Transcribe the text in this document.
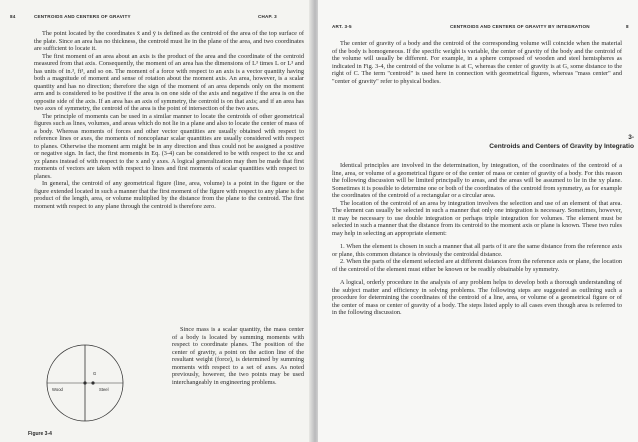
84	CENTROIDS AND CENTERS OF GRAVITY	CHAP. 3

The point located by the coordinates x̄ and ȳ is defined as the centroid of the area of the top surface of the plate. Since an area has no thickness, the centroid must lie in the plane of the area, and two coordinates are sufficient to locate it.

The first moment of an area about an axis is the product of the area and the coordinate of the centroid measured from that axis. Consequently, the moment of an area has the dimensions of L³ times L or L³ and has units of in.³, ft³, and so on. The moment of a force with respect to an axis is a vector quantity having both a magnitude of moment and sense of rotation about the moment axis. An area, however, is a scalar quantity and has no direction; therefore the sign of the moment of an area depends only on the moment arm and is considered to be positive if the area is on one side of the axis and negative if the area is on the opposite side of the axis. If an area has an axis of symmetry, the centroid is on that axis; and if an area has two axes of symmetry, the centroid of the area is the point of intersection of the two axes.

The principle of moments can be used in a similar manner to locate the centroids of other geometrical figures such as lines, volumes, and areas which do not lie in a plane and also to locate the center of mass of a body. Whereas moments of forces and other vector quantities are usually obtained with respect to reference lines or axes, the moments of noncoplanar scalar quantities are usually considered with respect to planes. Otherwise the moment arm might be in any direction and thus could not be assigned a positive or negative sign. In fact, the first moments in Eq. (3-4) can be considered to be with respect to the xz and yz planes instead of with respect to the x and y axes. A logical generalization may then be made that first moments of vectors are taken with respect to lines and first moments of scalar quantities with respect to planes.

In general, the centroid of any geometrical figure (line, area, volume) is a point in the figure or the figure extended located in such a manner that the first moment of the figure with respect to any plane is the product of the length, area, or volume multiplied by the distance from the plane to the centroid. The first moment with respect to any plane through the centroid is therefore zero.

G
Wood	Steel
Figure 3-4

Since mass is a scalar quantity, the mass center of a body is located by summing moments with respect to coordinate planes. The position of the center of gravity, a point on the action line of the resultant weight (force), is determined by summing moments with respect to a set of axes. As noted previously, however, the two points may be used interchangeably in engineering problems.

ART. 3-5	CENTROIDS AND CENTERS OF GRAVITY BY INTEGRATION	8

The center of gravity of a body and the centroid of the corresponding volume will coincide when the material of the body is homogeneous. If the specific weight is variable, the center of gravity of the body and the centroid of the volume will usually be different. For example, in a sphere composed of wooden and steel hemispheres as indicated in Fig. 3-4, the centroid of the volume is at C, whereas the center of gravity is at G, some distance to the right of C. The term "centroid" is used here in connection with geometrical figures, whereas "mass center" and "center of gravity" refer to physical bodies.

3-
Centroids and Centers of Gravity by Integratio

Identical principles are involved in the determination, by integration, of the coordinates of the centroid of a line, area, or volume of a geometrical figure or of the center of mass or center of gravity of a body. For this reason the following discussion will be limited principally to areas, and the areas will be assumed to lie in the xy plane. Sometimes it is possible to determine one or both of the coordinates of the centroid from symmetry, as for example the coordinates of the centroid of a rectangular or a circular area.

The location of the centroid of an area by integration involves the selection and use of an element of that area. The element can usually be selected in such a manner that only one integration is necessary. Sometimes, however, it may be necessary to use double integration or perhaps triple integration for volumes. The element must be selected in such a manner that the distance from its centroid to the moment axis or plane is known. These two rules may help in selecting an appropriate element:

1. When the element is chosen in such a manner that all parts of it are the same distance from the reference axis or plane, this common distance is obviously the centroidal distance.

2. When the parts of the element selected are at different distances from the reference axis or plane, the location of the centroid of the element must either be known or be readily obtainable by symmetry.

A logical, orderly procedure in the analysis of any problem helps to develop both a thorough understanding of the subject matter and efficiency in solving problems. The following steps are suggested as outlining such a procedure for determining the coordinates of the centroid of a line, area, or volume of a geometrical figure or of the center of mass or center of gravity of a body. The steps listed apply to all cases even though area is referred to in the following discussion.
